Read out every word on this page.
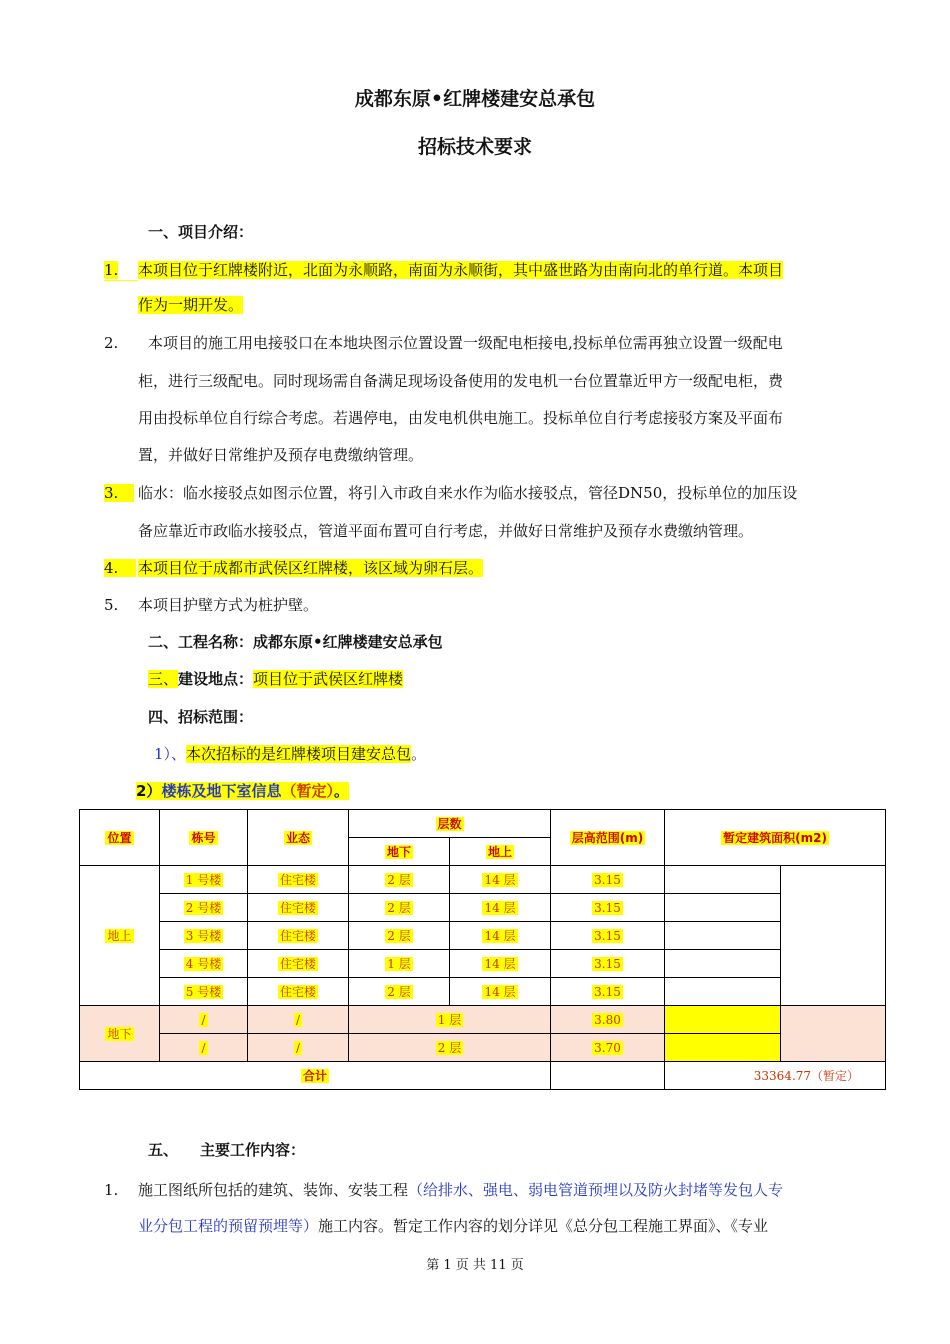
成都东原•红牌楼建安总承包
招标技术要求
一、项目介绍：
1. 本项目位于红牌楼附近，北面为永顺路，南面为永顺街，其中盛世路为由南向北的单行道。本项目
作为一期开发。
2. 本项目的施工用电接驳口在本地块图示位置设置一级配电柜接电,投标单位需再独立设置一级配电
柜，进行三级配电。同时现场需自备满足现场设备使用的发电机一台位置靠近甲方一级配电柜，费
用由投标单位自行综合考虑。若遇停电，由发电机供电施工。投标单位自行考虑接驳方案及平面布
置，并做好日常维护及预存电费缴纳管理。
3.	临水：临水接驳点如图示位置，将引入市政自来水作为临水接驳点，管径DN50，投标单位的加压设
备应靠近市政临水接驳点，管道平面布置可自行考虑，并做好日常维护及预存水费缴纳管理。
4.	本项目位于成都市武侯区红牌楼，该区域为卵石层。
5. 本项目护壁方式为桩护壁。
二、工程名称：成都东原•红牌楼建安总承包
三、建设地点：项目位于武侯区红牌楼
四、招标范围：
1）、本次招标的是红牌楼项目建安总包。
2）楼栋及地下室信息（暂定）。
位置	栋号	业态	层数		层高范围(m)	暂定建筑面积(m2)	
			地下	地上			
地上	1 号楼	住宅楼	2 层	14 层	3.15		
	2 号楼	住宅楼	2 层	14 层	3.15		
	3 号楼	住宅楼	2 层	14 层	3.15		
	4 号楼	住宅楼	1 层	14 层	3.15		
	5 号楼	住宅楼	2 层	14 层	3.15		
地下	/	/	1 层		3.80		
	/	/	2 层		3.70		
合计						33364.77（暂定）	
五、 主要工作内容：
1. 施工图纸所包括的建筑、装饰、安装工程（给排水、强电、弱电管道预埋以及防火封堵等发包人专
业分包工程的预留预埋等）施工内容。暂定工作内容的划分详见《总分包工程施工界面》、《专业
第 1 页 共 11 页
